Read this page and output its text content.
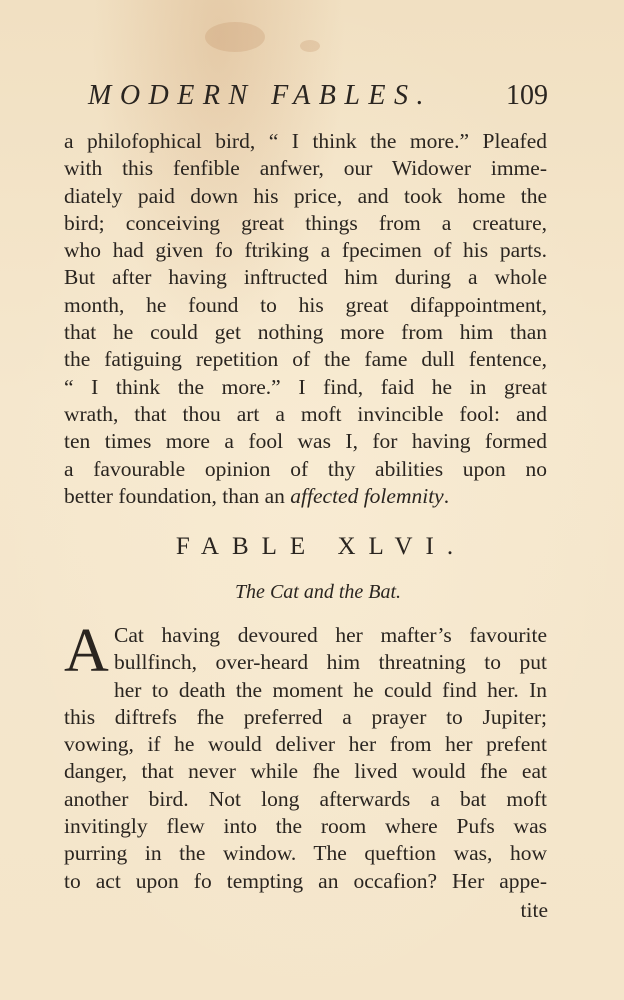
MODERN FABLES.	109
a philofophical bird, “ I think the more.” Pleafed
with this fenfible anfwer, our Widower imme-
diately paid down his price, and took home the
bird; conceiving great things from a creature,
who had given fo ftriking a fpecimen of his parts.
But after having inftructed him during a whole
month, he found to his great difappointment,
that he could get nothing more from him than
the fatiguing repetition of the fame dull fentence,
“ I think the more.” I find, faid he in great
wrath, that thou art a moft invincible fool: and
ten times more a fool was I, for having formed
a favourable opinion of thy abilities upon no
better foundation, than an affected folemnity.
FABLE XLVI.
The Cat and the Bat.
A Cat having devoured her mafter’s favourite
bullfinch, over-heard him threatning to put
her to death the moment he could find her. In
this diftrefs fhe preferred a prayer to Jupiter;
vowing, if he would deliver her from her prefent
danger, that never while fhe lived would fhe eat
another bird. Not long afterwards a bat moft
invitingly flew into the room where Pufs was
purring in the window. The queftion was, how
to act upon fo tempting an occafion? Her appe-
tite
